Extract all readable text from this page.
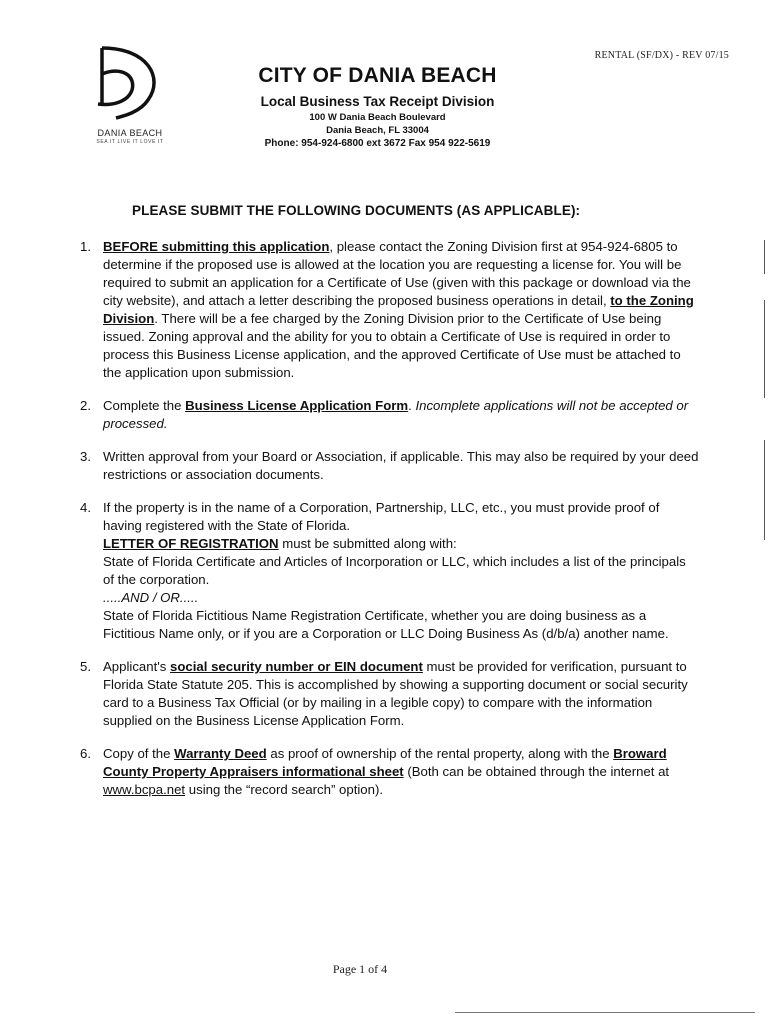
RENTAL (SF/DX) - REV 07/15
DANIA BEACH
SEA IT LIVE IT LOVE IT
CITY OF DANIA BEACH
Local Business Tax Receipt Division
100 W Dania Beach Boulevard
Dania Beach, FL 33004
Phone: 954-924-6800 ext 3672 Fax 954 922-5619
PLEASE SUBMIT THE FOLLOWING DOCUMENTS (AS APPLICABLE):
1. BEFORE submitting this application, please contact the Zoning Division first at 954-924-6805 to determine if the proposed use is allowed at the location you are requesting a license for. You will be required to submit an application for a Certificate of Use (given with this package or download via the city website), and attach a letter describing the proposed business operations in detail, to the Zoning Division. There will be a fee charged by the Zoning Division prior to the Certificate of Use being issued. Zoning approval and the ability for you to obtain a Certificate of Use is required in order to process this Business License application, and the approved Certificate of Use must be attached to the application upon submission.

2. Complete the Business License Application Form. Incomplete applications will not be accepted or processed.

3. Written approval from your Board or Association, if applicable. This may also be required by your deed restrictions or association documents.

4. If the property is in the name of a Corporation, Partnership, LLC, etc., you must provide proof of having registered with the State of Florida.

LETTER OF REGISTRATION must be submitted along with:

State of Florida Certificate and Articles of Incorporation or LLC, which includes a list of the principals of the corporation.

.....AND / OR.....

State of Florida Fictitious Name Registration Certificate, whether you are doing business as a Fictitious Name only, or if you are a Corporation or LLC Doing Business As (d/b/a) another name.

5. Applicant's social security number or EIN document must be provided for verification, pursuant to Florida State Statute 205. This is accomplished by showing a supporting document or social security card to a Business Tax Official (or by mailing in a legible copy) to compare with the information supplied on the Business License Application Form.

6. Copy of the Warranty Deed as proof of ownership of the rental property, along with the Broward County Property Appraisers informational sheet (Both can be obtained through the internet at www.bcpa.net using the “record search” option).

Page 1 of 4
